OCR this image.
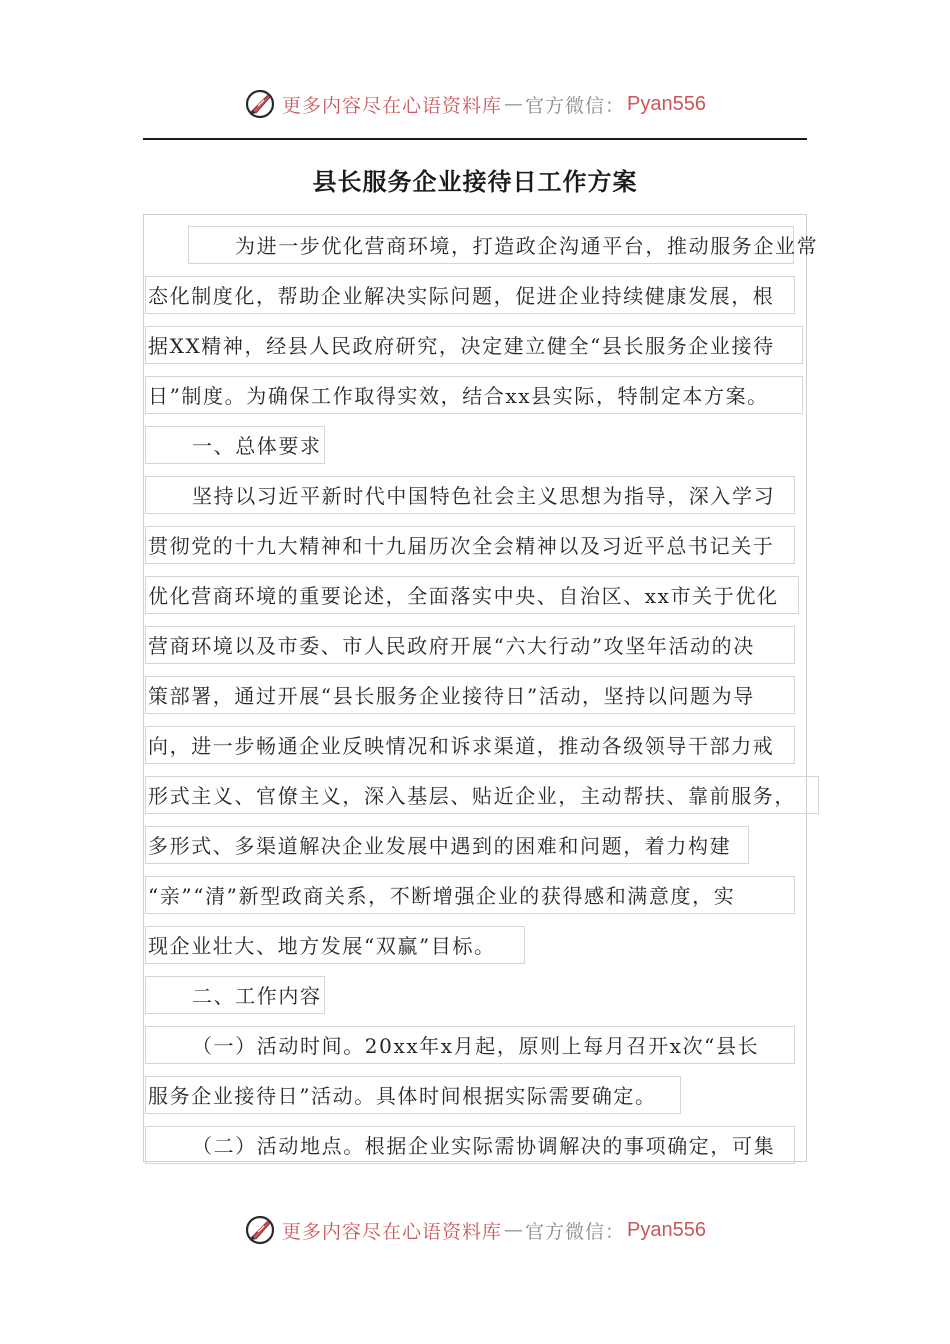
更多内容尽在心语资料库 — 官方微信： Pyan556
县长服务企业接待日工作方案
为进一步优化营商环境，打造政企沟通平台，推动服务企业常
态化制度化，帮助企业解决实际问题，促进企业持续健康发展，根
据XX精神，经县人民政府研究，决定建立健全“县长服务企业接待
日”制度。为确保工作取得实效，结合xx县实际，特制定本方案。
一、总体要求
坚持以习近平新时代中国特色社会主义思想为指导，深入学习
贯彻党的十九大精神和十九届历次全会精神以及习近平总书记关于
优化营商环境的重要论述，全面落实中央、自治区、xx市关于优化
营商环境以及市委、市人民政府开展“六大行动”攻坚年活动的决
策部署，通过开展“县长服务企业接待日”活动，坚持以问题为导
向，进一步畅通企业反映情况和诉求渠道，推动各级领导干部力戒
形式主义、官僚主义，深入基层、贴近企业，主动帮扶、靠前服务，
多形式、多渠道解决企业发展中遇到的困难和问题，着力构建
“亲”“清”新型政商关系，不断增强企业的获得感和满意度，实
现企业壮大、地方发展“双赢”目标。
二、工作内容
（一）活动时间。20xx年x月起，原则上每月召开x次“县长
服务企业接待日”活动。具体时间根据实际需要确定。
（二）活动地点。根据企业实际需协调解决的事项确定，可集
更多内容尽在心语资料库 — 官方微信： Pyan556
